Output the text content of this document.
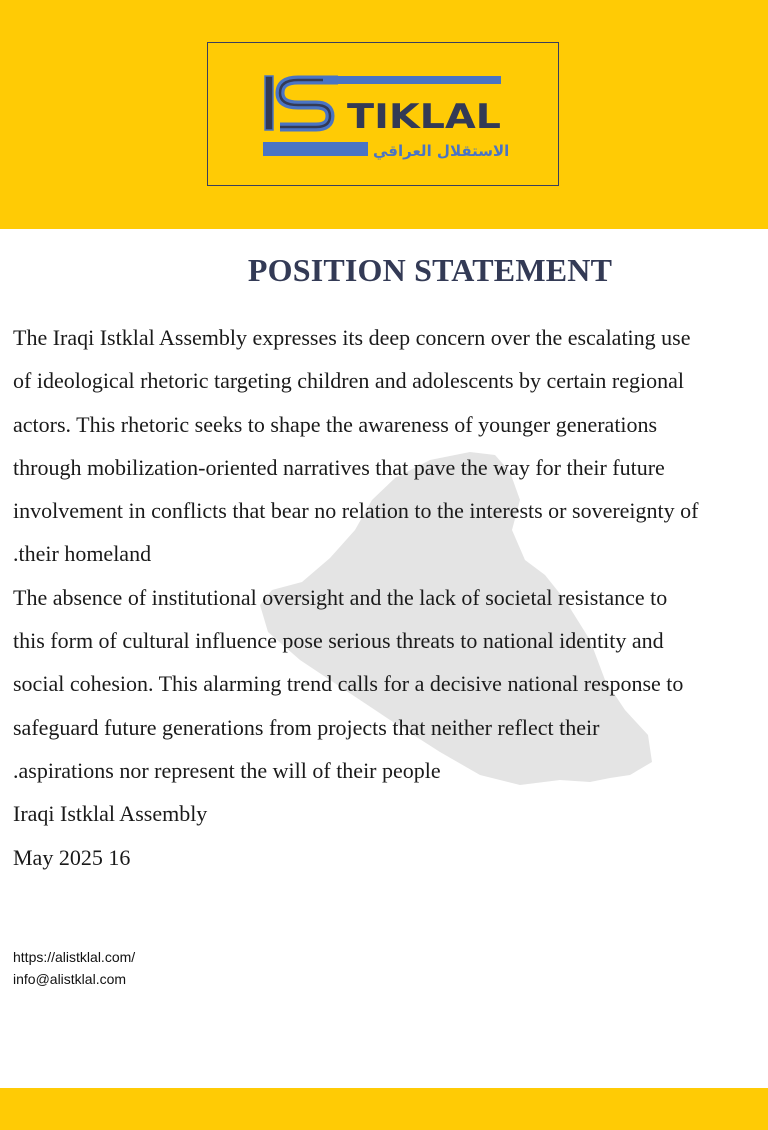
الاستقلال العراقي
TIKLAL
POSITION STATEMENT
The Iraqi Istklal Assembly expresses its deep concern over the escalating use
of ideological rhetoric targeting children and adolescents by certain regional
actors. This rhetoric seeks to shape the awareness of younger generations
through mobilization-oriented narratives that pave the way for their future
involvement in conflicts that bear no relation to the interests or sovereignty of
.their homeland
The absence of institutional oversight and the lack of societal resistance to
this form of cultural influence pose serious threats to national identity and
social cohesion. This alarming trend calls for a decisive national response to
safeguard future generations from projects that neither reflect their
.aspirations nor represent the will of their people
Iraqi Istklal Assembly
May 2025 16
https://alistklal.com/
info@alistklal.com
